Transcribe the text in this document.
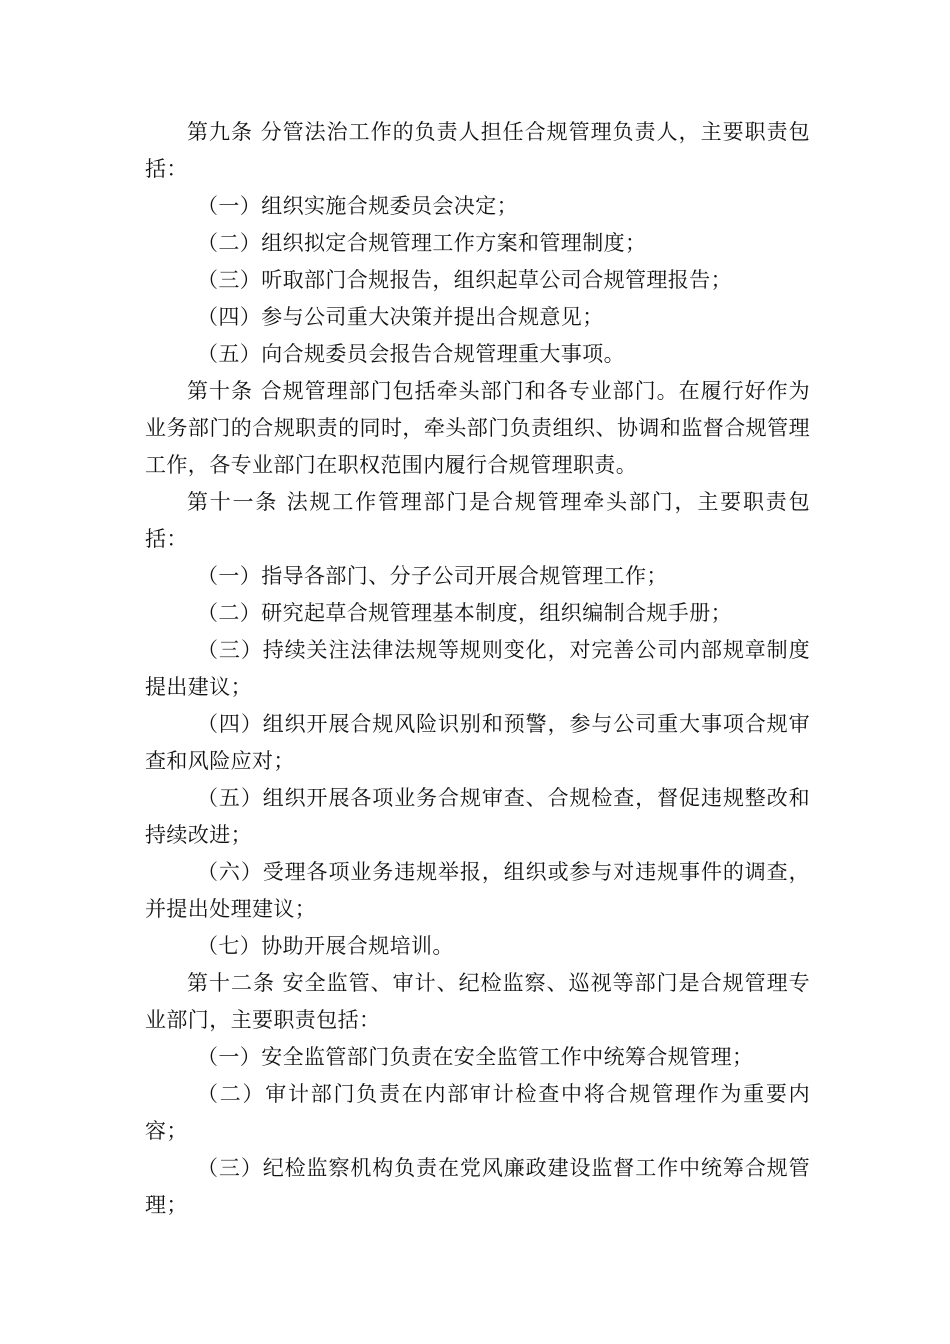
第九条 分管法治工作的负责人担任合规管理负责人，主要职责包括：

（一）组织实施合规委员会决定；

（二）组织拟定合规管理工作方案和管理制度；

（三）听取部门合规报告，组织起草公司合规管理报告；

（四）参与公司重大决策并提出合规意见；

（五）向合规委员会报告合规管理重大事项。

第十条 合规管理部门包括牵头部门和各专业部门。在履行好作为业务部门的合规职责的同时，牵头部门负责组织、协调和监督合规管理工作，各专业部门在职权范围内履行合规管理职责。

第十一条 法规工作管理部门是合规管理牵头部门，主要职责包括：

（一）指导各部门、分子公司开展合规管理工作；

（二）研究起草合规管理基本制度，组织编制合规手册；

（三）持续关注法律法规等规则变化，对完善公司内部规章制度提出建议；

（四）组织开展合规风险识别和预警，参与公司重大事项合规审查和风险应对；

（五）组织开展各项业务合规审查、合规检查，督促违规整改和持续改进；

（六）受理各项业务违规举报，组织或参与对违规事件的调查，并提出处理建议；

（七）协助开展合规培训。

第十二条 安全监管、审计、纪检监察、巡视等部门是合规管理专业部门，主要职责包括：

（一）安全监管部门负责在安全监管工作中统筹合规管理；

（二）审计部门负责在内部审计检查中将合规管理作为重要内容；

（三）纪检监察机构负责在党风廉政建设监督工作中统筹合规管理；
